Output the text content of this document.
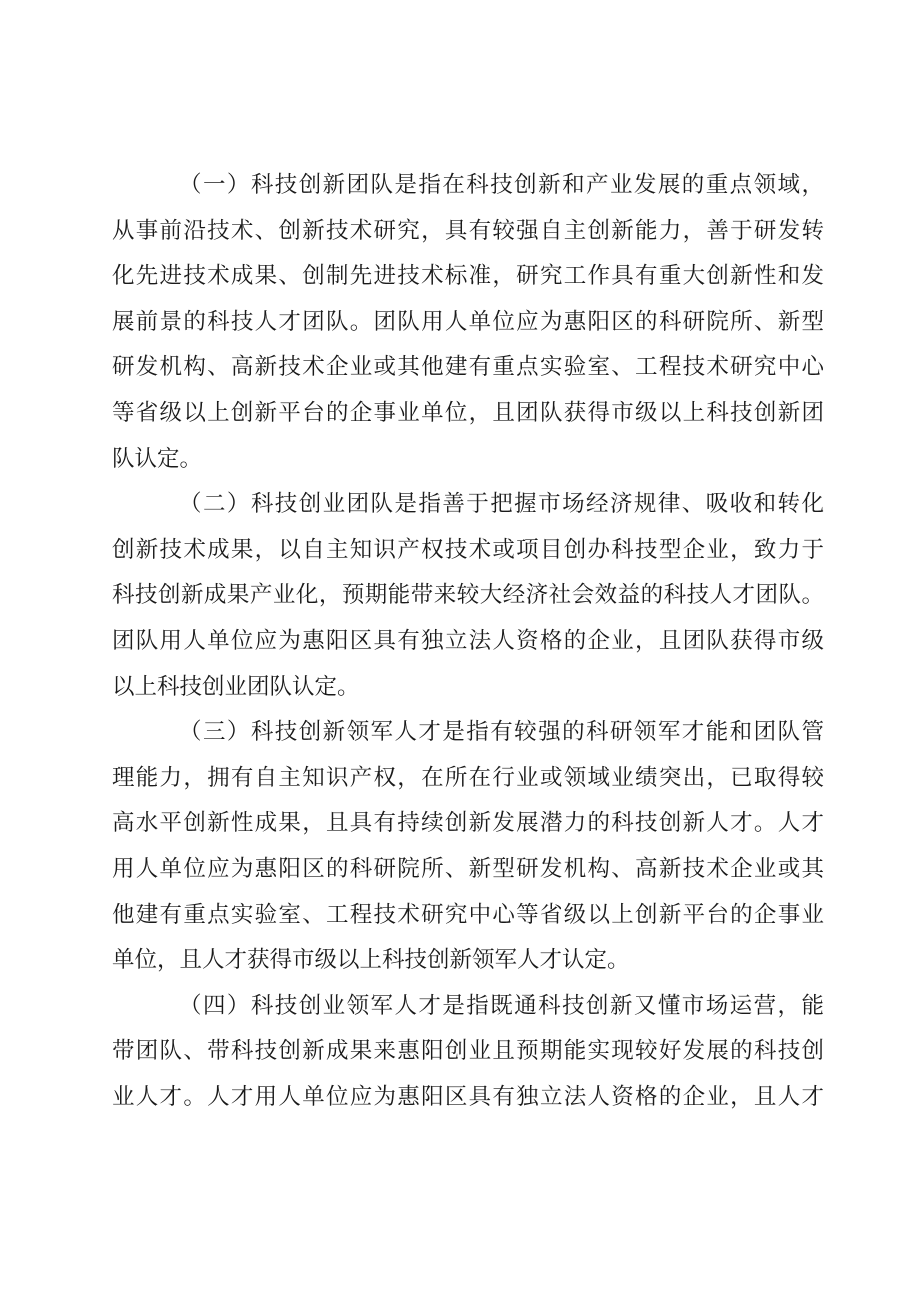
（一）科技创新团队是指在科技创新和产业发展的重点领域，
从事前沿技术、创新技术研究，具有较强自主创新能力，善于研发转
化先进技术成果、创制先进技术标准，研究工作具有重大创新性和发
展前景的科技人才团队。团队用人单位应为惠阳区的科研院所、新型
研发机构、高新技术企业或其他建有重点实验室、工程技术研究中心
等省级以上创新平台的企事业单位，且团队获得市级以上科技创新团
队认定。
（二）科技创业团队是指善于把握市场经济规律、吸收和转化
创新技术成果，以自主知识产权技术或项目创办科技型企业，致力于
科技创新成果产业化，预期能带来较大经济社会效益的科技人才团队。
团队用人单位应为惠阳区具有独立法人资格的企业，且团队获得市级
以上科技创业团队认定。
（三）科技创新领军人才是指有较强的科研领军才能和团队管
理能力，拥有自主知识产权，在所在行业或领域业绩突出，已取得较
高水平创新性成果，且具有持续创新发展潜力的科技创新人才。人才
用人单位应为惠阳区的科研院所、新型研发机构、高新技术企业或其
他建有重点实验室、工程技术研究中心等省级以上创新平台的企事业
单位，且人才获得市级以上科技创新领军人才认定。
（四）科技创业领军人才是指既通科技创新又懂市场运营，能
带团队、带科技创新成果来惠阳创业且预期能实现较好发展的科技创
业人才。人才用人单位应为惠阳区具有独立法人资格的企业，且人才
